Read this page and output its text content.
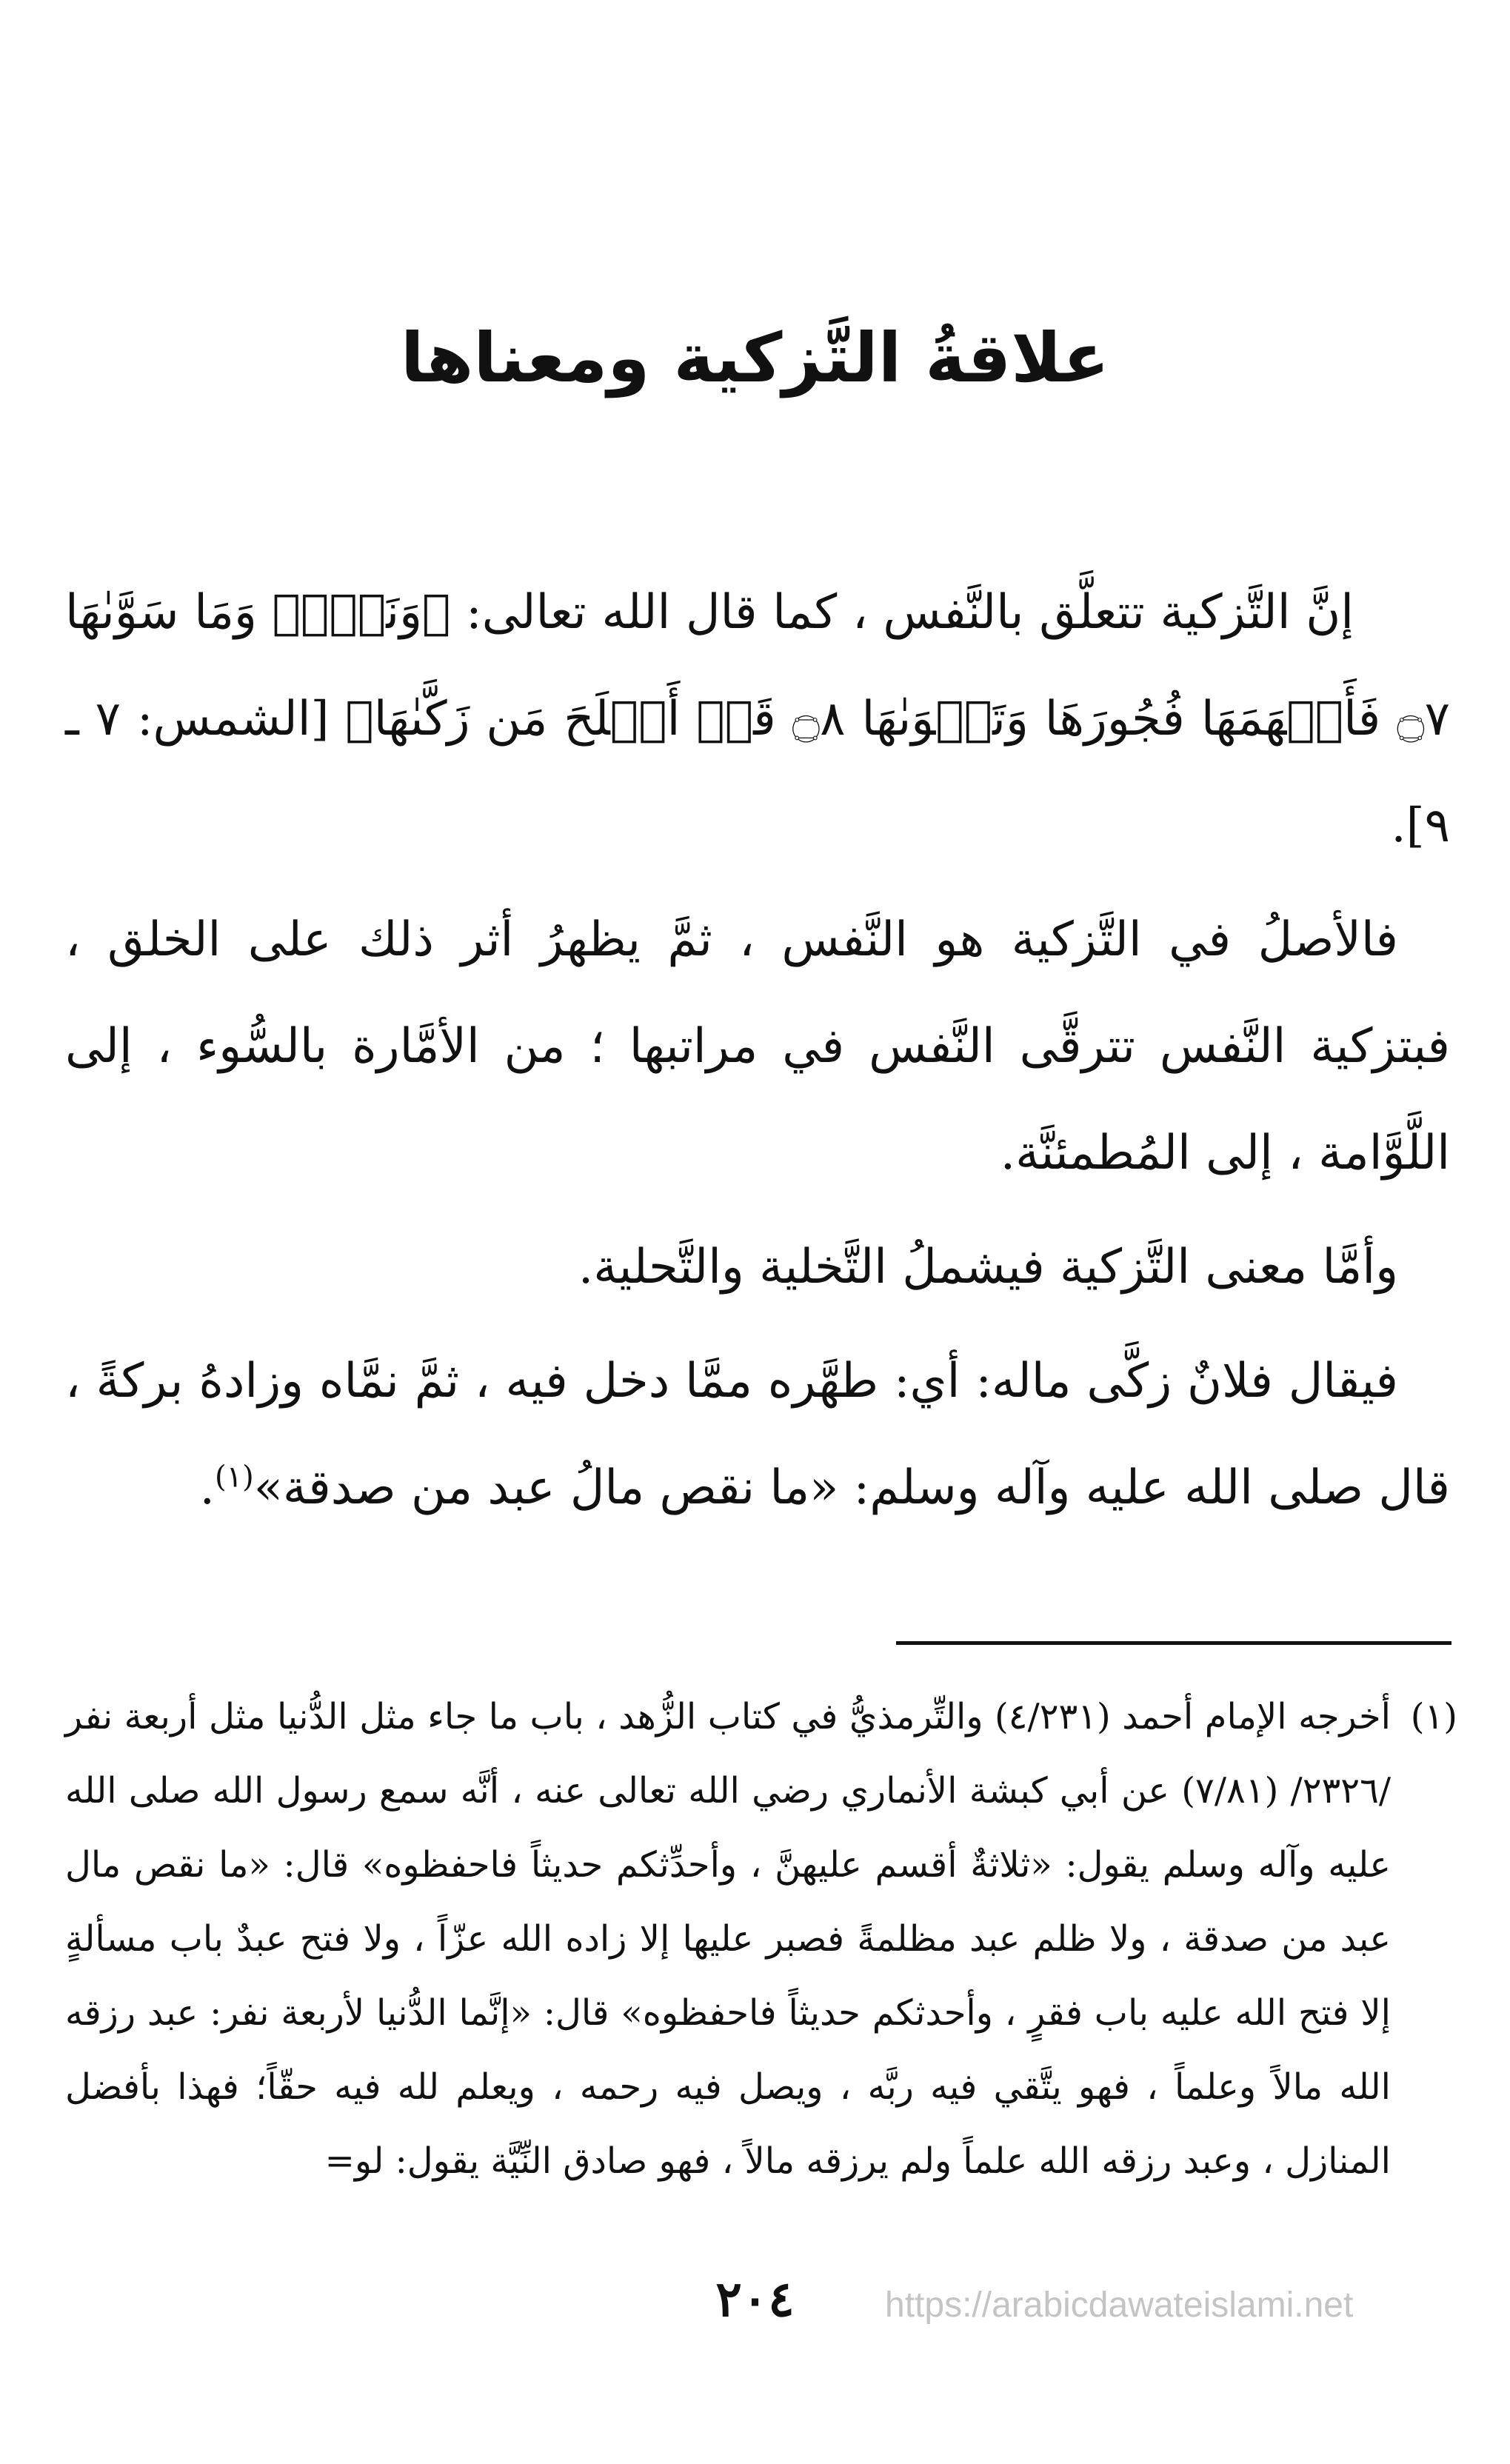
علاقةُ التَّزكية ومعناها

إنَّ التَّزكية تتعلَّق بالنَّفس ، كما قال الله تعالى: ﴿وَنَفۡسٖ وَمَا سَوَّىٰهَا ۝٧ فَأَلۡهَمَهَا فُجُورَهَا وَتَقۡوَىٰهَا ۝٨ قَدۡ أَفۡلَحَ مَن زَكَّىٰهَا﴾ [الشمس: ٧ ـ ٩].

فالأصلُ في التَّزكية هو النَّفس ، ثمَّ يظهرُ أثر ذلك على الخلق ، فبتزكية النَّفس تترقَّى النَّفس في مراتبها ؛ من الأمَّارة بالسُّوء ، إلى اللَّوَّامة ، إلى المُطمئنَّة.

وأمَّا معنى التَّزكية فيشملُ التَّخلية والتَّحلية.

فيقال فلانٌ زكَّى ماله: أي: طهَّره ممَّا دخل فيه ، ثمَّ نمَّاه وزادهُ بركةً ، قال صلى الله عليه وآله وسلم: «ما نقص مالُ عبد من صدقة»$^{(١)}$.

(١)
أخرجه الإمام أحمد (٤/٢٣١) والتِّرمذيُّ في كتاب الزُّهد ، باب ما جاء مثل الدُّنيا مثل أربعة نفر /٢٣٢٦/ (٧/٨١) عن أبي كبشة الأنماري رضي الله تعالى عنه ، أنَّه سمع رسول الله صلى الله عليه وآله وسلم يقول: «ثلاثةٌ أقسم عليهنَّ ، وأحدِّثكم حديثاً فاحفظوه» قال: «ما نقص مال عبد من صدقة ، ولا ظلم عبد مظلمةً فصبر عليها إلا زاده الله عزّاً ، ولا فتح عبدٌ باب مسألةٍ إلا فتح الله عليه باب فقرٍ ، وأحدثكم حديثاً فاحفظوه» قال: «إنَّما الدُّنيا لأربعة نفر: عبد رزقه الله مالاً وعلماً ، فهو يتَّقي فيه ربَّه ، ويصل فيه رحمه ، ويعلم لله فيه حقّاً؛ فهذا بأفضل المنازل ، وعبد رزقه الله علماً ولم يرزقه مالاً ، فهو صادق النِّيَّة يقول: لو=
٢٠٤	https://arabicdawateislami.net
